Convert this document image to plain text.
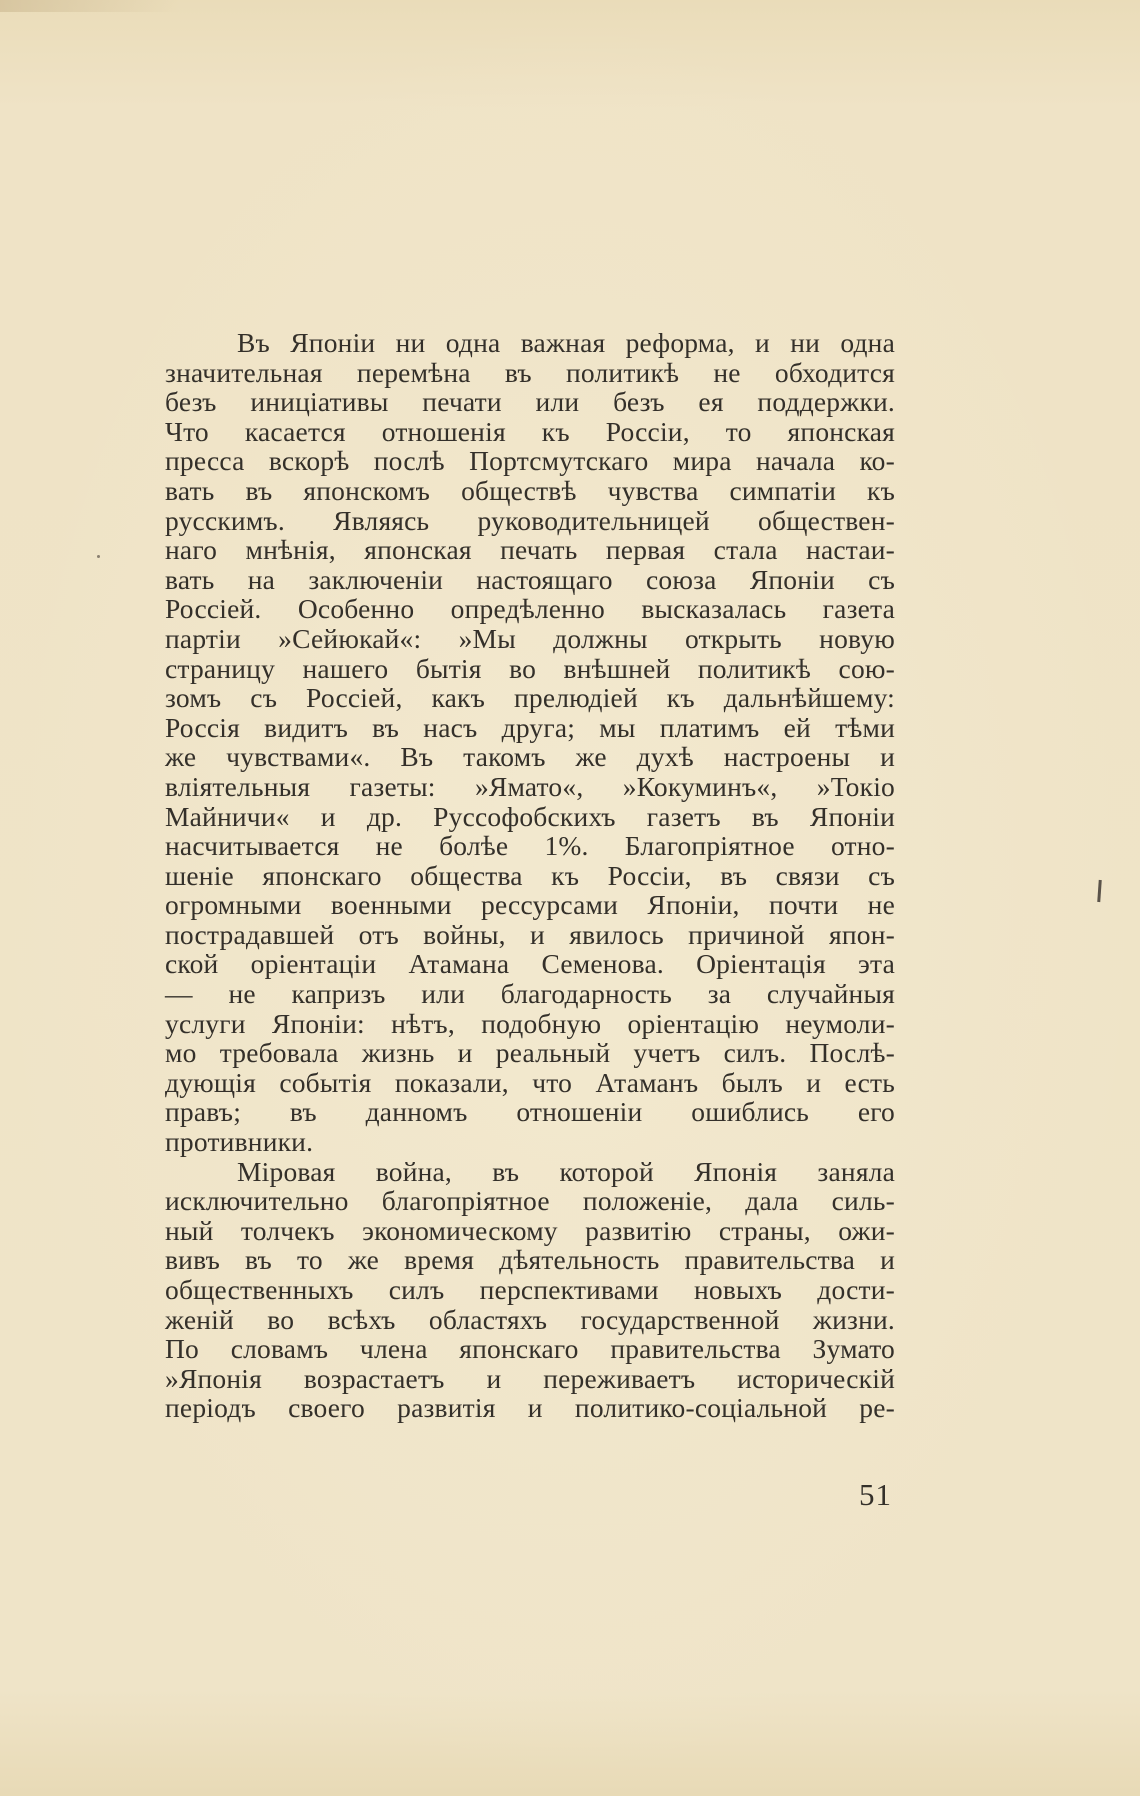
Въ Японіи ни одна важная реформа, и ни одна
значительная перемѣна въ политикѣ не обходится
безъ иниціативы печати или безъ ея поддержки.
Что касается отношенія къ Россіи, то японская
пресса вскорѣ послѣ Портсмутскаго мира начала ко-
вать въ японскомъ обществѣ чувства симпатіи къ
русскимъ. Являясь руководительницей обществен-
наго мнѣнія, японская печать первая стала настаи-
вать на заключеніи настоящаго союза Японіи съ
Россіей. Особенно опредѣленно высказалась газета
партіи »Сейюкай«: »Мы должны открыть новую
страницу нашего бытія во внѣшней политикѣ сою-
зомъ съ Россіей, какъ прелюдіей къ дальнѣйшему:
Россія видитъ въ насъ друга; мы платимъ ей тѣми
же чувствами«. Въ такомъ же духѣ настроены и
вліятельныя газеты: »Ямато«, »Кокуминъ«, »Токіо
Майничи« и др. Руссофобскихъ газетъ въ Японіи
насчитывается не болѣе 1%. Благопріятное отно-
шеніе японскаго общества къ Россіи, въ связи съ
огромными военными рессурсами Японіи, почти не
пострадавшей отъ войны, и явилось причиной япон-
ской оріентаціи Атамана Семенова. Оріентація эта
— не капризъ или благодарность за случайныя
услуги Японіи: нѣтъ, подобную оріентацію неумоли-
мо требовала жизнь и реальный учетъ силъ. Послѣ-
дующія событія показали, что Атаманъ былъ и есть
правъ; въ данномъ отношеніи ошиблись его
противники.

Міровая война, въ которой Японія заняла
исключительно благопріятное положеніе, дала силь-
ный толчекъ экономическому развитію страны, ожи-
вивъ въ то же время дѣятельность правительства и
общественныхъ силъ перспективами новыхъ дости-
женій во всѣхъ областяхъ государственной жизни.
По словамъ члена японскаго правительства Зумато
»Японія возрастаетъ и переживаетъ историческій
періодъ своего развитія и политико-соціальной ре-

51
